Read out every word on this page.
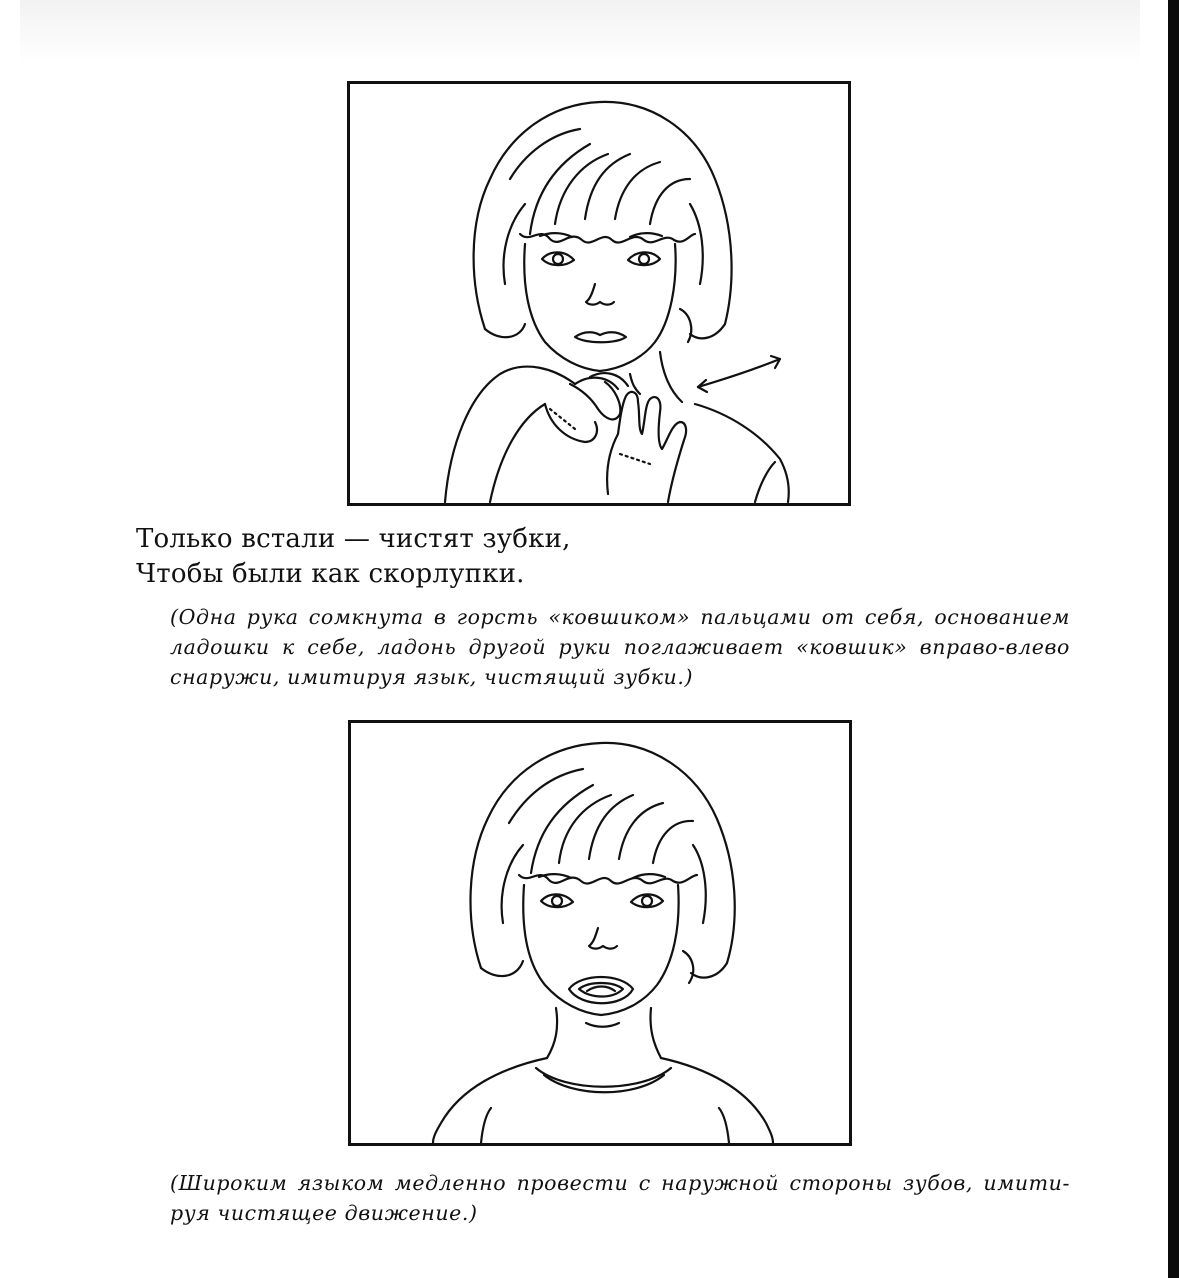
Только встали — чистят зубки,
Чтобы были как скорлупки.
(Одна рука сомкнута в горсть «ковшиком» пальцами от себя, основанием
ладошки к себе, ладонь другой руки поглаживает «ковшик» вправо-влево
снаружи, имитируя язык, чистящий зубки.)
(Широким языком медленно провести с наружной стороны зубов, имити-
руя чистящее движение.)
